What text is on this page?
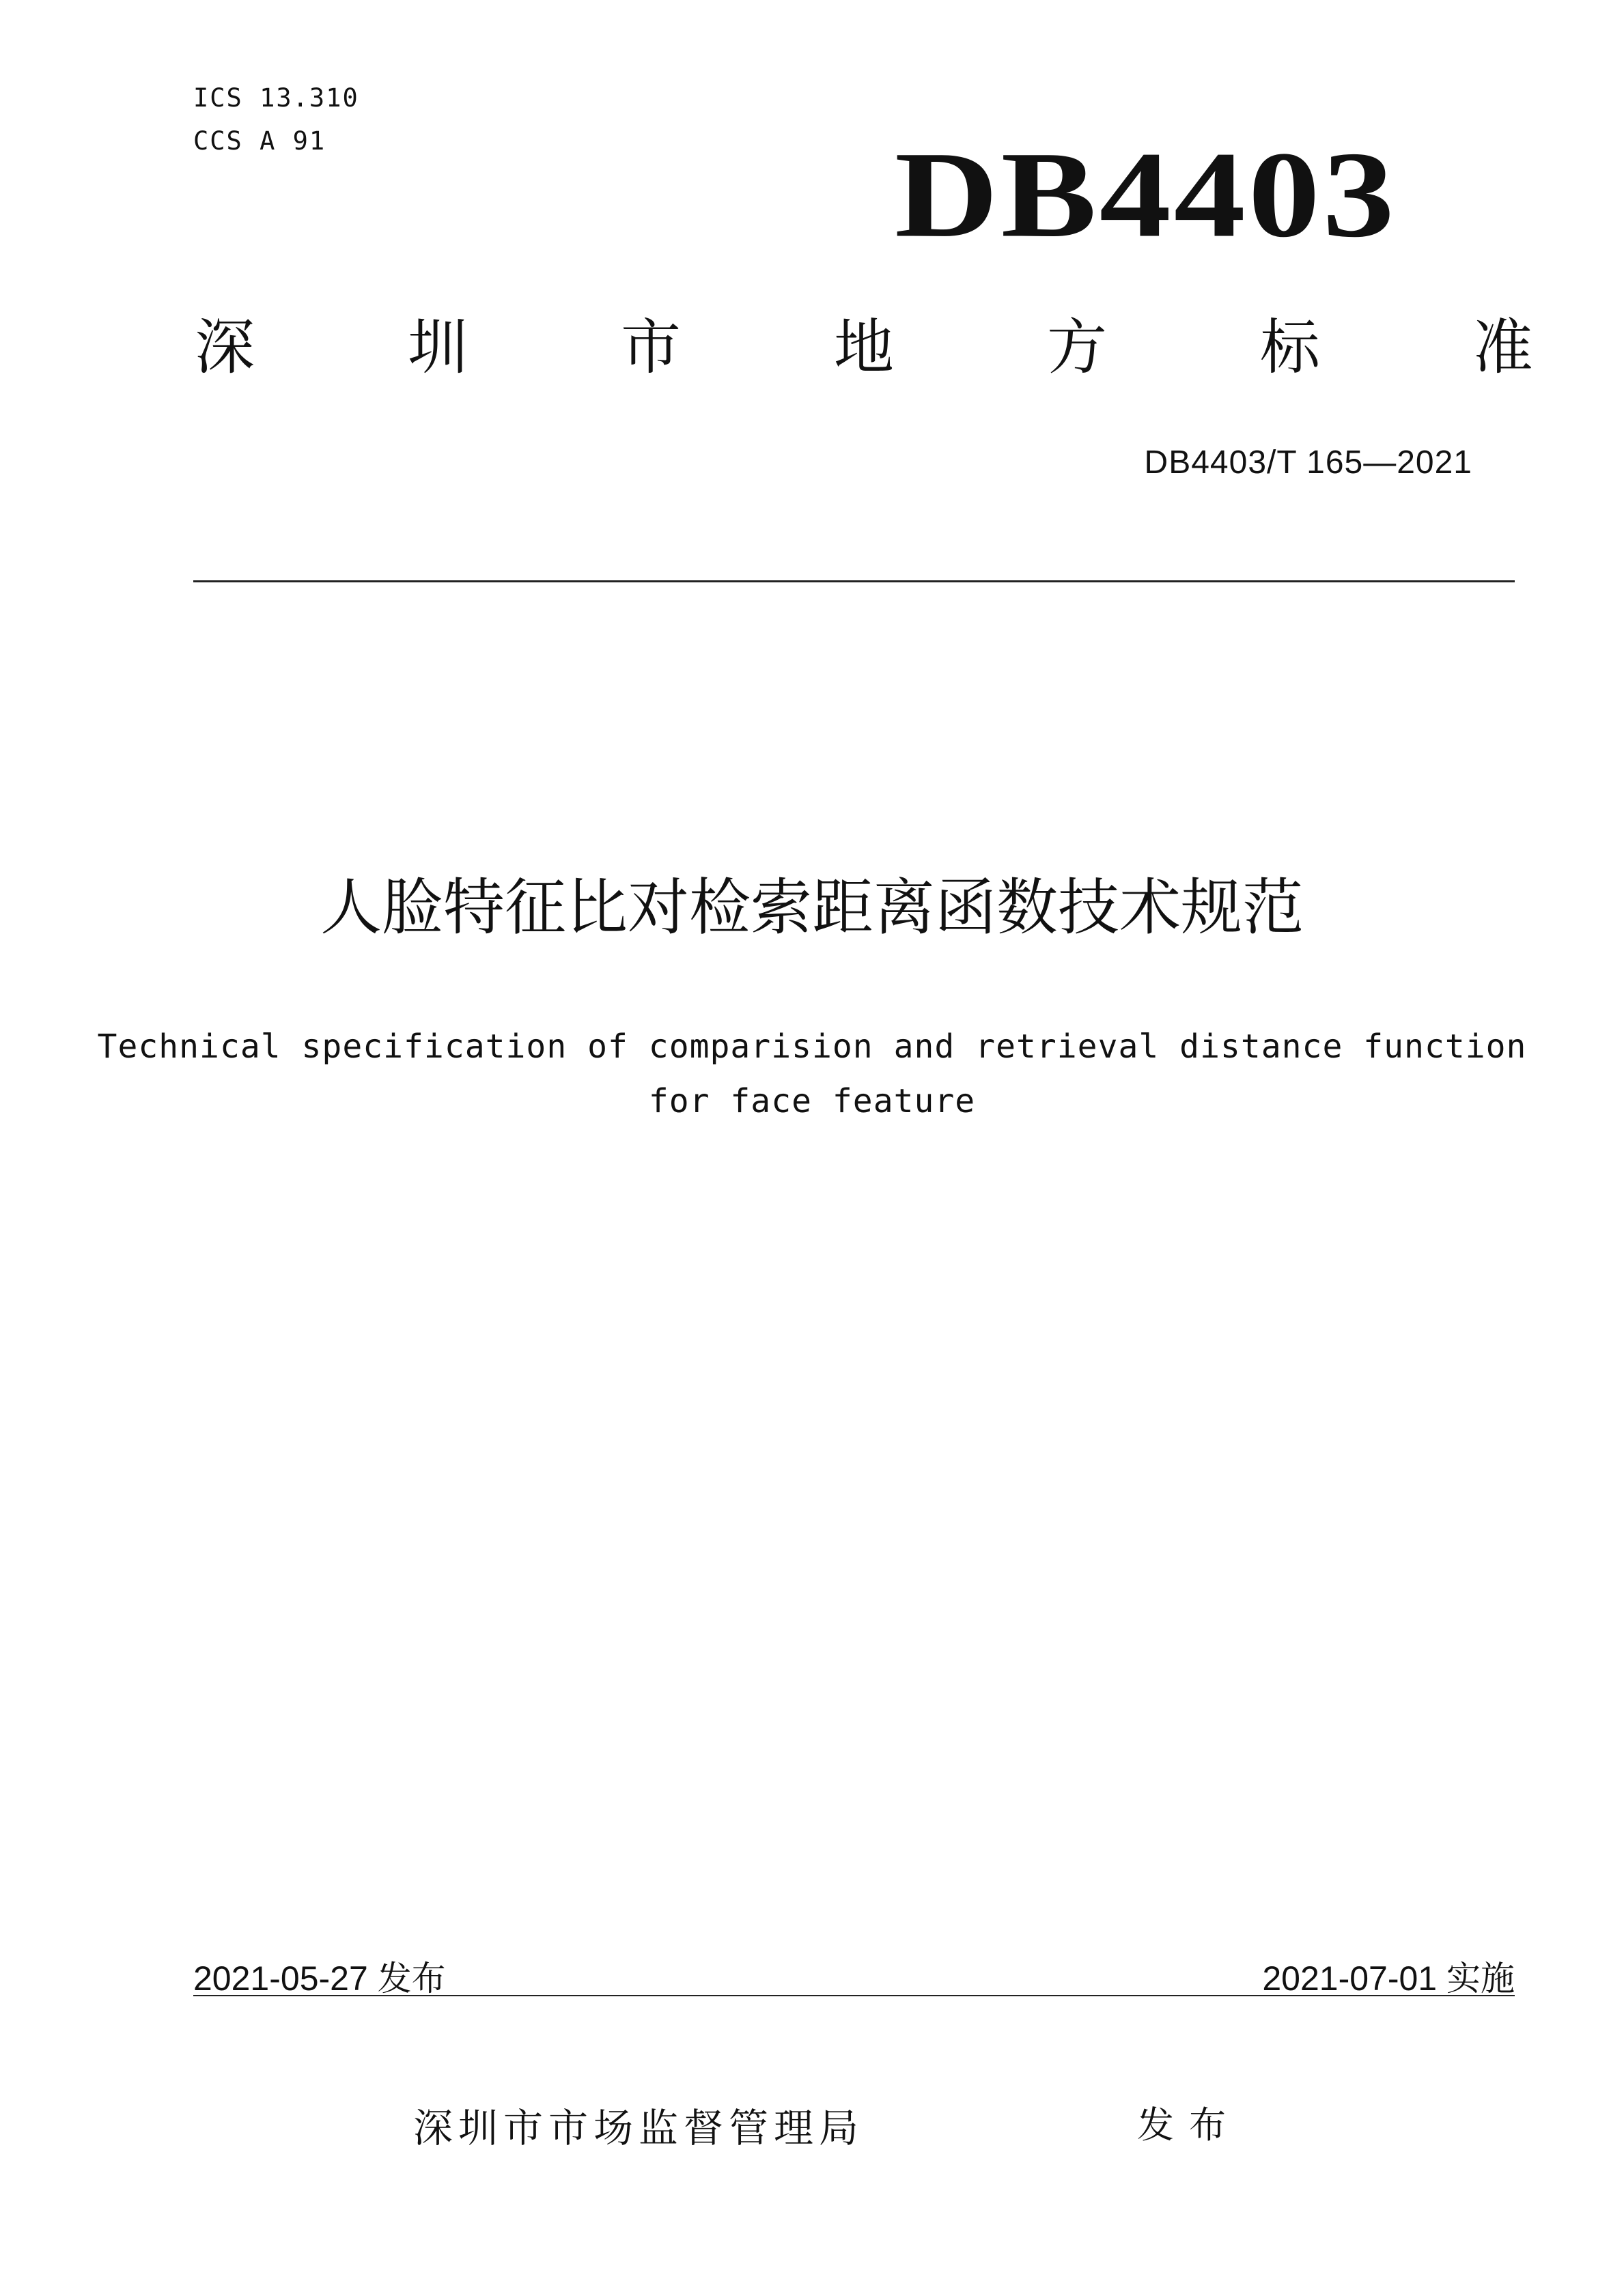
ICS 13.310
CCS A 91	DB4403
深	圳	市	地	方	标	准
DB4403/T 165—2021
人脸特征比对检索距离函数技术规范
Technical specification of comparision and retrieval distance function
for face feature
2021-05-27 发布	2021-07-01 实施
深圳市市场监督管理局	发布
